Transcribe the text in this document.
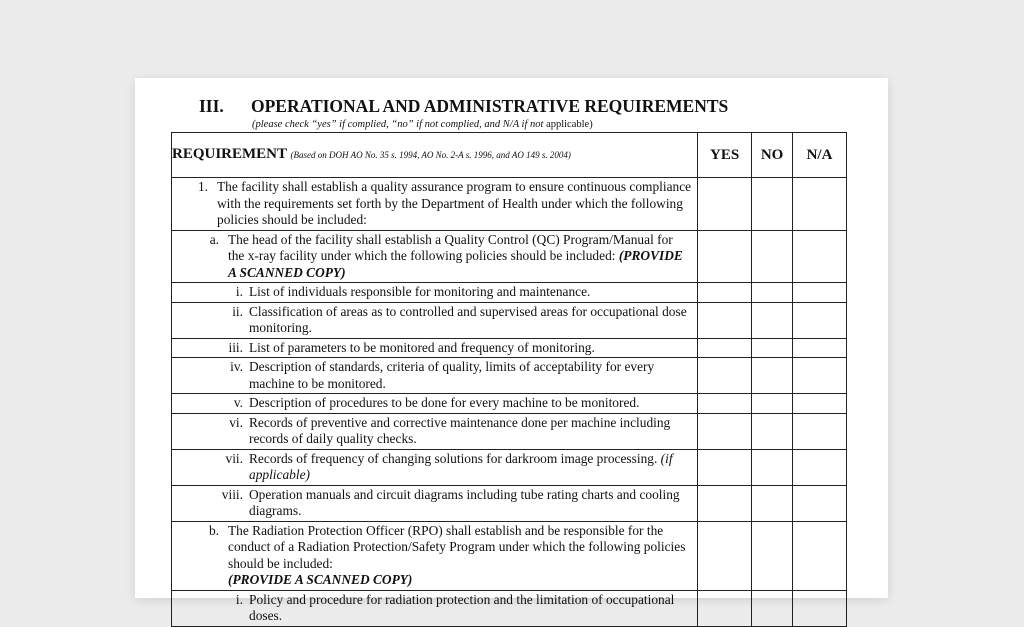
III. OPERATIONAL AND ADMINISTRATIVE REQUIREMENTS
(please check “yes” if complied, “no” if not complied, and N/A if not applicable)
REQUIREMENT (Based on DOH AO No. 35 s. 1994, AO No. 2-A s. 1996, and AO 149 s. 2004)	YES	NO	N/A

1. The facility shall establish a quality assurance program to ensure continuous compliance with the requirements set forth by the Department of Health under which the following policies should be included:			

a. The head of the facility shall establish a Quality Control (QC) Program/Manual for the x-ray facility under which the following policies should be included: (PROVIDE A SCANNED COPY)			

i. List of individuals responsible for monitoring and maintenance.			

ii. Classification of areas as to controlled and supervised areas for occupational dose monitoring.			

iii. List of parameters to be monitored and frequency of monitoring.			

iv. Description of standards, criteria of quality, limits of acceptability for every machine to be monitored.			

v. Description of procedures to be done for every machine to be monitored.			

vi. Records of preventive and corrective maintenance done per machine including records of daily quality checks.			

vii. Records of frequency of changing solutions for darkroom image processing. (if applicable)			

viii. Operation manuals and circuit diagrams including tube rating charts and cooling diagrams.			

b. The Radiation Protection Officer (RPO) shall establish and be responsible for the conduct of a Radiation Protection/Safety Program under which the following policies should be included:
(PROVIDE A SCANNED COPY)			

i. Policy and procedure for radiation protection and the limitation of occupational doses.			
